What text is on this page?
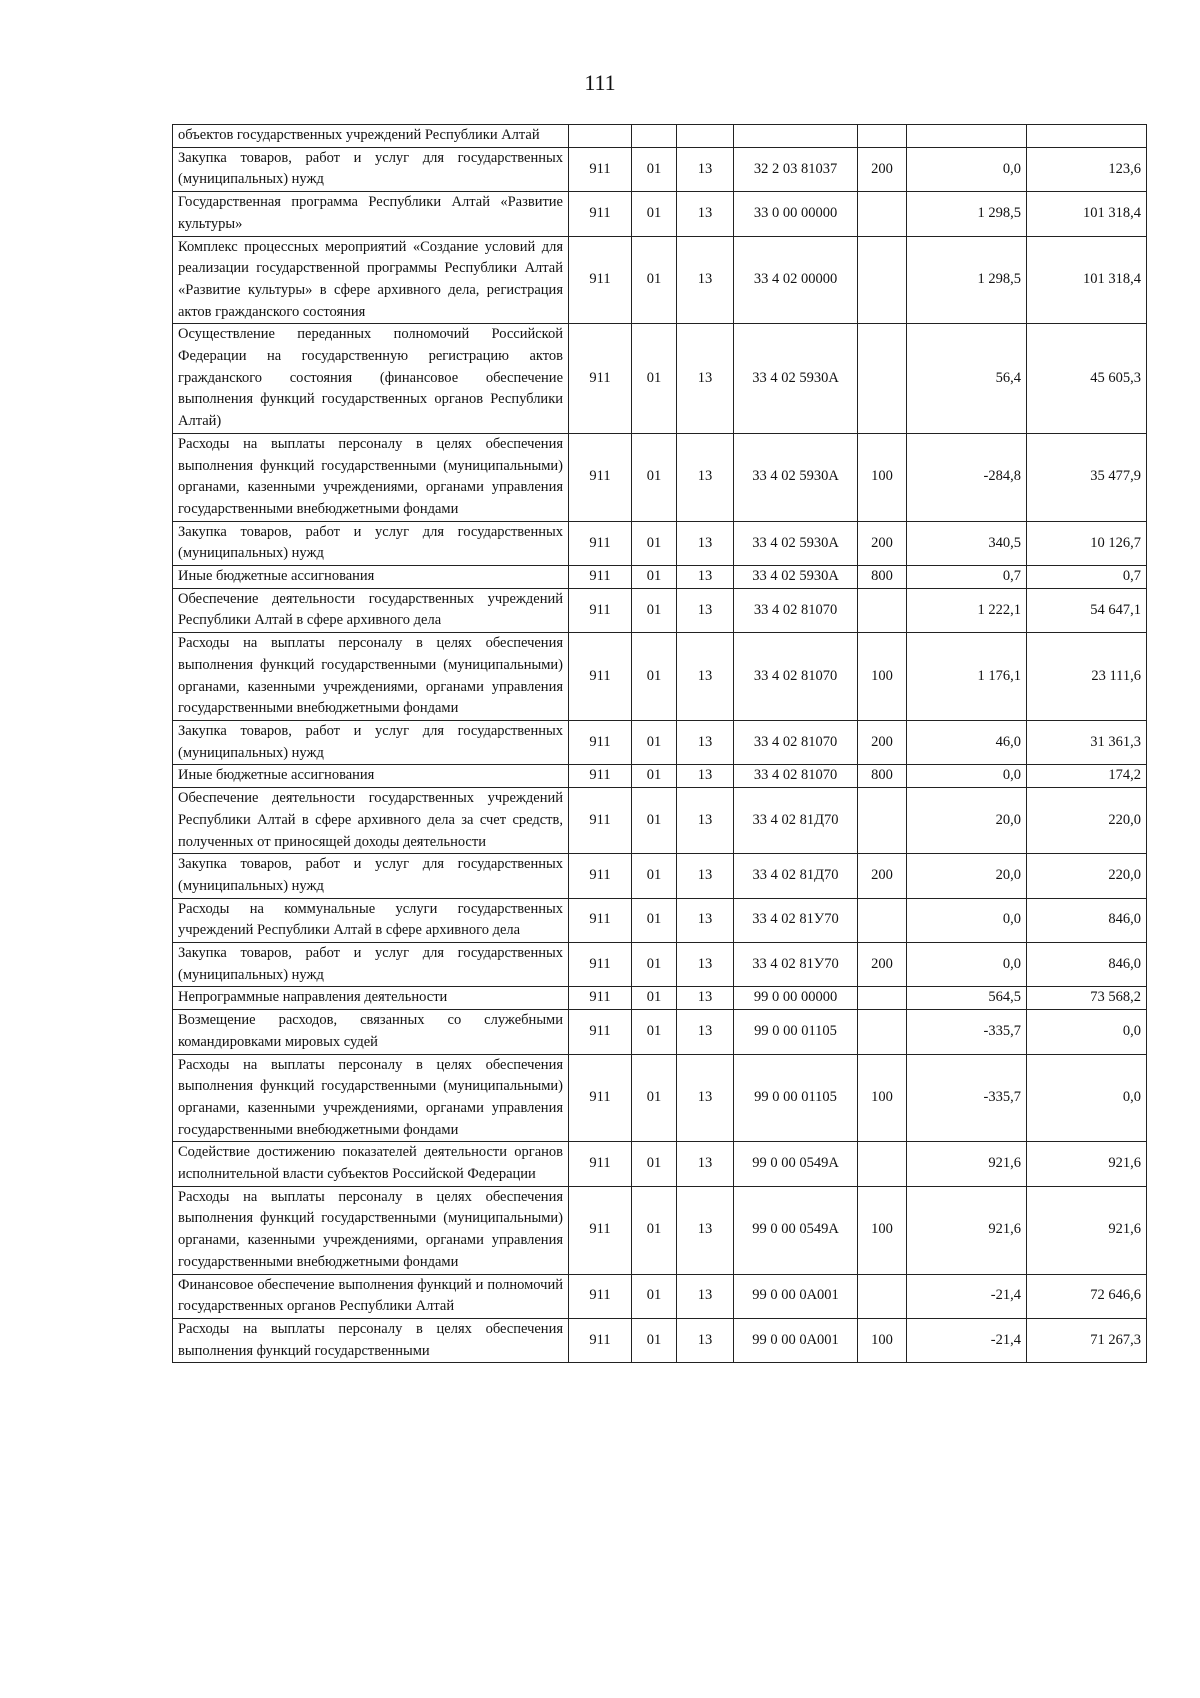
111
объектов государственных учреждений Республики Алтай							
Закупка товаров, работ и услуг для государственных (муниципальных) нужд	911	01	13	32 2 03 81037	200	0,0	123,6
Государственная программа Республики Алтай «Развитие культуры»	911	01	13	33 0 00 00000		1 298,5	101 318,4
Комплекс процессных мероприятий «Создание условий для реализации государственной программы Республики Алтай «Развитие культуры» в сфере архивного дела, регистрация актов гражданского состояния	911	01	13	33 4 02 00000		1 298,5	101 318,4
Осуществление переданных полномочий Российской Федерации на государственную регистрацию актов гражданского состояния (финансовое обеспечение выполнения функций государственных органов Республики Алтай)	911	01	13	33 4 02 5930А		56,4	45 605,3
Расходы на выплаты персоналу в целях обеспечения выполнения функций государственными (муниципальными) органами, казенными учреждениями, органами управления государственными внебюджетными фондами	911	01	13	33 4 02 5930А	100	-284,8	35 477,9
Закупка товаров, работ и услуг для государственных (муниципальных) нужд	911	01	13	33 4 02 5930А	200	340,5	10 126,7
Иные бюджетные ассигнования	911	01	13	33 4 02 5930А	800	0,7	0,7
Обеспечение деятельности государственных учреждений Республики Алтай в сфере архивного дела	911	01	13	33 4 02 81070		1 222,1	54 647,1
Расходы на выплаты персоналу в целях обеспечения выполнения функций государственными (муниципальными) органами, казенными учреждениями, органами управления государственными внебюджетными фондами	911	01	13	33 4 02 81070	100	1 176,1	23 111,6
Закупка товаров, работ и услуг для государственных (муниципальных) нужд	911	01	13	33 4 02 81070	200	46,0	31 361,3
Иные бюджетные ассигнования	911	01	13	33 4 02 81070	800	0,0	174,2
Обеспечение деятельности государственных учреждений Республики Алтай в сфере архивного дела за счет средств, полученных от приносящей доходы деятельности	911	01	13	33 4 02 81Д70		20,0	220,0
Закупка товаров, работ и услуг для государственных (муниципальных) нужд	911	01	13	33 4 02 81Д70	200	20,0	220,0
Расходы на коммунальные услуги государственных учреждений Республики Алтай в сфере архивного дела	911	01	13	33 4 02 81У70		0,0	846,0
Закупка товаров, работ и услуг для государственных (муниципальных) нужд	911	01	13	33 4 02 81У70	200	0,0	846,0
Непрограммные направления деятельности	911	01	13	99 0 00 00000		564,5	73 568,2
Возмещение расходов, связанных со служебными командировками мировых судей	911	01	13	99 0 00 01105		-335,7	0,0
Расходы на выплаты персоналу в целях обеспечения выполнения функций государственными (муниципальными) органами, казенными учреждениями, органами управления государственными внебюджетными фондами	911	01	13	99 0 00 01105	100	-335,7	0,0
Содействие достижению показателей деятельности органов исполнительной власти субъектов Российской Федерации	911	01	13	99 0 00 0549А		921,6	921,6
Расходы на выплаты персоналу в целях обеспечения выполнения функций государственными (муниципальными) органами, казенными учреждениями, органами управления государственными внебюджетными фондами	911	01	13	99 0 00 0549А	100	921,6	921,6
Финансовое обеспечение выполнения функций и полномочий государственных органов Республики Алтай	911	01	13	99 0 00 0А001		-21,4	72 646,6
Расходы на выплаты персоналу в целях обеспечения выполнения функций государственными	911	01	13	99 0 00 0А001	100	-21,4	71 267,3
